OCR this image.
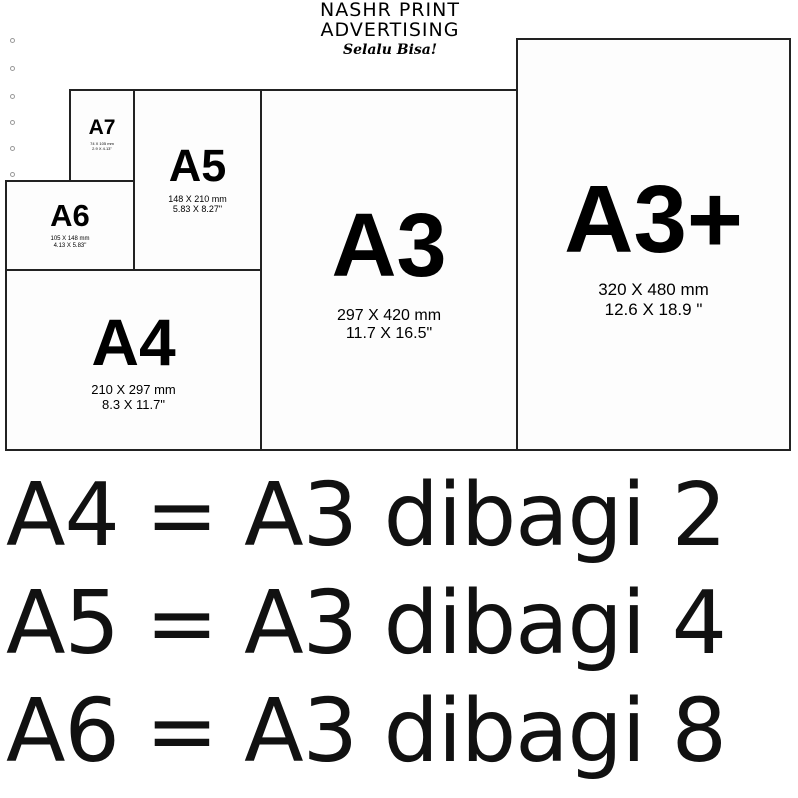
NASHR PRINT
ADVERTISING
Selalu Bisa!
A3+
320 X 480 mm
12.6 X 18.9 "
A3
297 X 420 mm
11.7 X 16.5"
A4
210 X 297 mm
8.3 X 11.7"
A5
148 X 210 mm
5.83 X 8.27"
A6
105 X 148 mm
4.13 X 5.83"
A7
74 X 105 mm
2.9 X 4.13"
A4 = A3 dibagi 2
A5 = A3 dibagi 4
A6 = A3 dibagi 8
